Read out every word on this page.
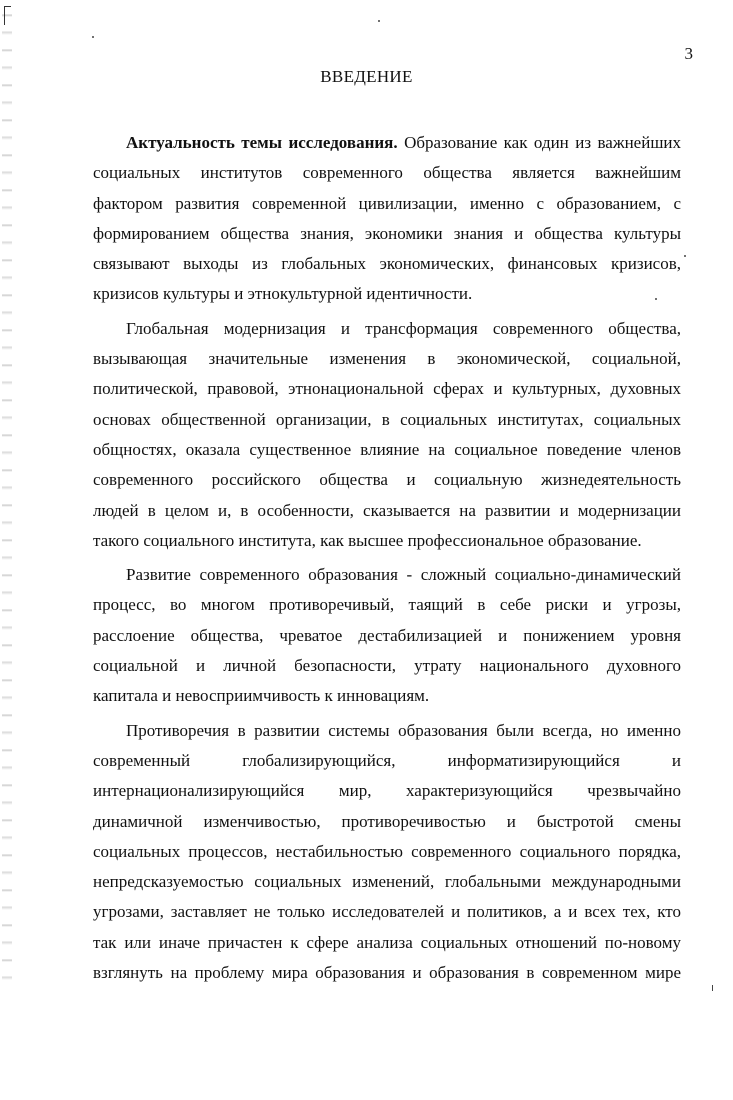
3
ВВЕДЕНИЕ

Актуальность темы исследования. Образование как один из важнейших
социальных институтов современного общества является важнейшим
фактором развития современной цивилизации, именно с образованием, с
формированием общества знания, экономики знания и общества культуры
связывают выходы из глобальных экономических, финансовых кризисов,
кризисов культуры и этнокультурной идентичности.

Глобальная модернизация и трансформация современного общества,
вызывающая значительные изменения в экономической, социальной,
политической, правовой, этнонациональной сферах и культурных, духовных
основах общественной организации, в социальных институтах, социальных
общностях, оказала существенное влияние на социальное поведение членов
современного российского общества и социальную жизнедеятельность
людей в целом и, в особенности, сказывается на развитии и модернизации
такого социального института, как высшее профессиональное образование.

Развитие современного образования - сложный социально-динамический
процесс, во многом противоречивый, таящий в себе риски и угрозы,
расслоение общества, чреватое дестабилизацией и понижением уровня
социальной и личной безопасности, утрату национального духовного
капитала и невосприимчивость к инновациям.

Противоречия в развитии системы образования были всегда, но именно
современный глобализирующийся, информатизирующийся и
интернационализирующийся мир, характеризующийся чрезвычайно
динамичной изменчивостью, противоречивостью и быстротой смены
социальных процессов, нестабильностью современного социального порядка,
непредсказуемостью социальных изменений, глобальными международными
угрозами, заставляет не только исследователей и политиков, а и всех тех, кто
так или иначе причастен к сфере анализа социальных отношений по-новому
взглянуть на проблему мира образования и образования в современном мире
